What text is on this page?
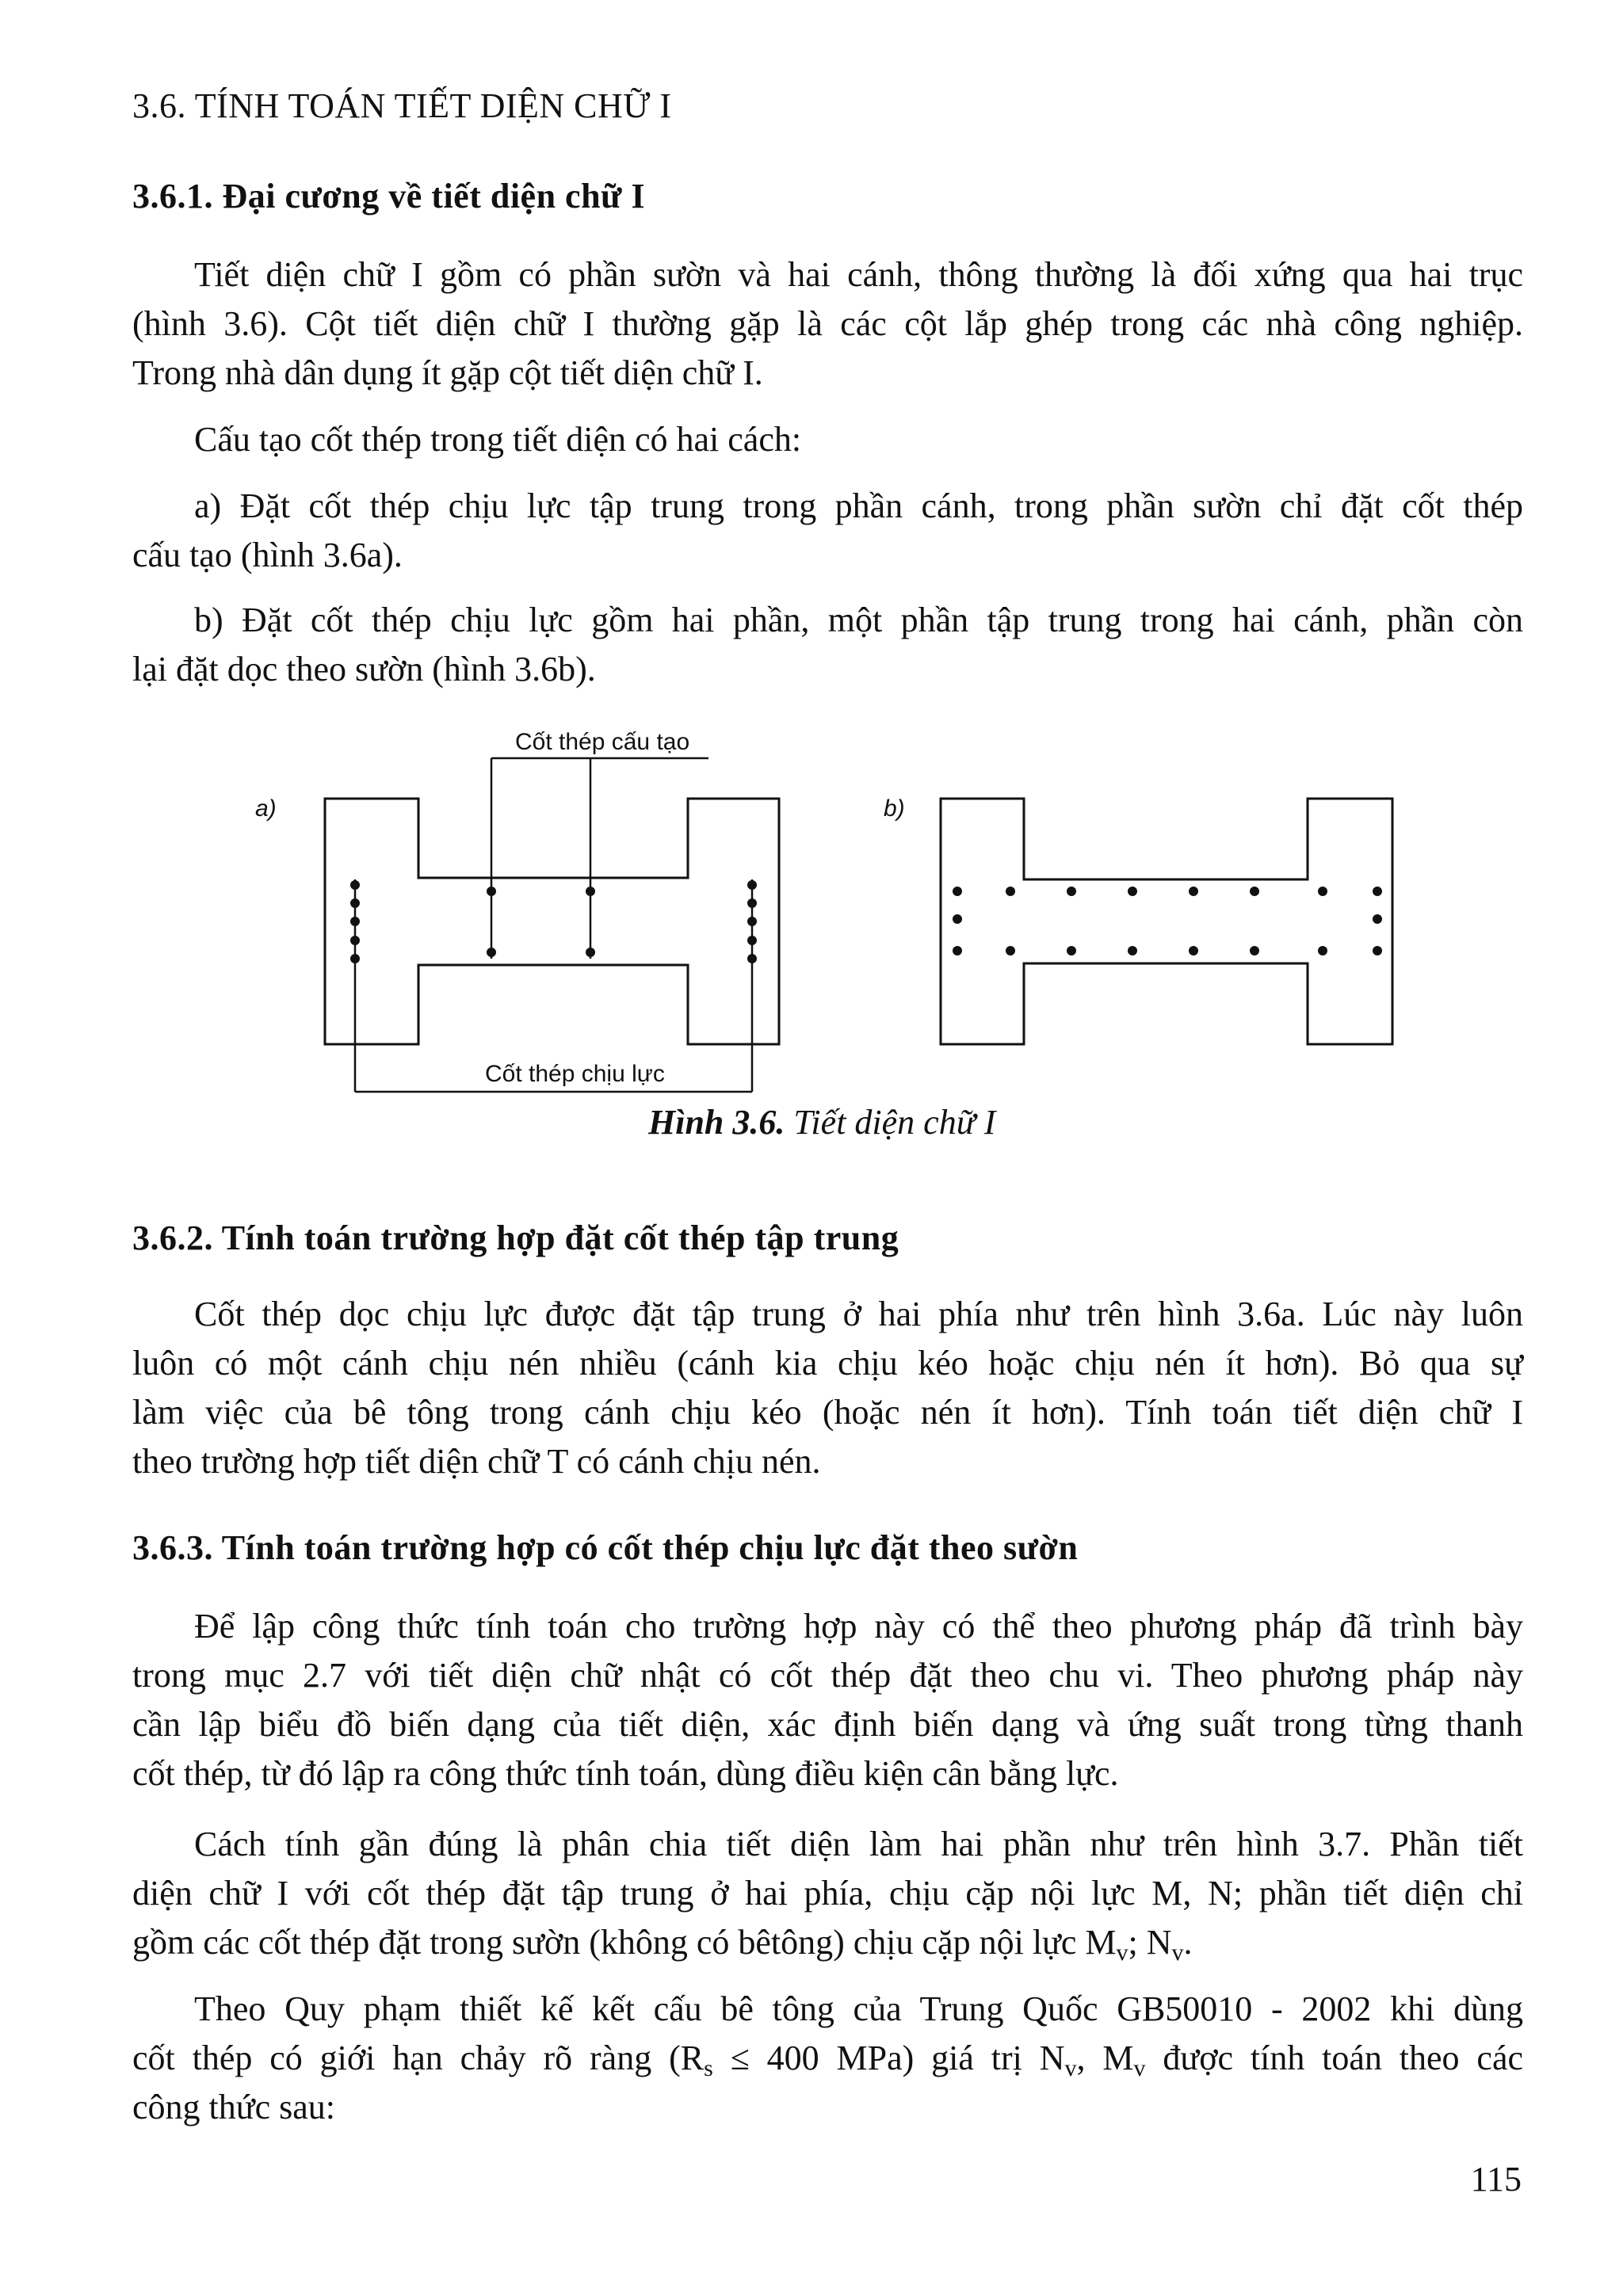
3.6. TÍNH TOÁN TIẾT DIỆN CHỮ I
3.6.1. Đại cương về tiết diện chữ I
Tiết diện chữ I gồm có phần sườn và hai cánh, thông thường là đối xứng qua hai trục
(hình 3.6). Cột tiết diện chữ I thường gặp là các cột lắp ghép trong các nhà công nghiệp.
Trong nhà dân dụng ít gặp cột tiết diện chữ I.
Cấu tạo cốt thép trong tiết diện có hai cách:
a) Đặt cốt thép chịu lực tập trung trong phần cánh, trong phần sườn chỉ đặt cốt thép
cấu tạo (hình 3.6a).
b) Đặt cốt thép chịu lực gồm hai phần, một phần tập trung trong hai cánh, phần còn
lại đặt dọc theo sườn (hình 3.6b).
a)	b)
Cốt thép cấu tạo
Cốt thép chịu lực
Hình 3.6. Tiết diện chữ I
3.6.2. Tính toán trường hợp đặt cốt thép tập trung
Cốt thép dọc chịu lực được đặt tập trung ở hai phía như trên hình 3.6a. Lúc này luôn
luôn có một cánh chịu nén nhiều (cánh kia chịu kéo hoặc chịu nén ít hơn). Bỏ qua sự
làm việc của bê tông trong cánh chịu kéo (hoặc nén ít hơn). Tính toán tiết diện chữ I
theo trường hợp tiết diện chữ T có cánh chịu nén.
3.6.3. Tính toán trường hợp có cốt thép chịu lực đặt theo sườn
Để lập công thức tính toán cho trường hợp này có thể theo phương pháp đã trình bày
trong mục 2.7 với tiết diện chữ nhật có cốt thép đặt theo chu vi. Theo phương pháp này
cần lập biểu đồ biến dạng của tiết diện, xác định biến dạng và ứng suất trong từng thanh
cốt thép, từ đó lập ra công thức tính toán, dùng điều kiện cân bằng lực.
Cách tính gần đúng là phân chia tiết diện làm hai phần như trên hình 3.7. Phần tiết
diện chữ I với cốt thép đặt tập trung ở hai phía, chịu cặp nội lực M, N; phần tiết diện chỉ
gồm các cốt thép đặt trong sườn (không có bêtông) chịu cặp nội lực $M_v$; $N_v$.
Theo Quy phạm thiết kế kết cấu bê tông của Trung Quốc GB50010 - 2002 khi dùng
cốt thép có giới hạn chảy rõ ràng ($R_s \le 400$ MPa) giá trị $N_v$, $M_v$ được tính toán theo các
công thức sau:
115
